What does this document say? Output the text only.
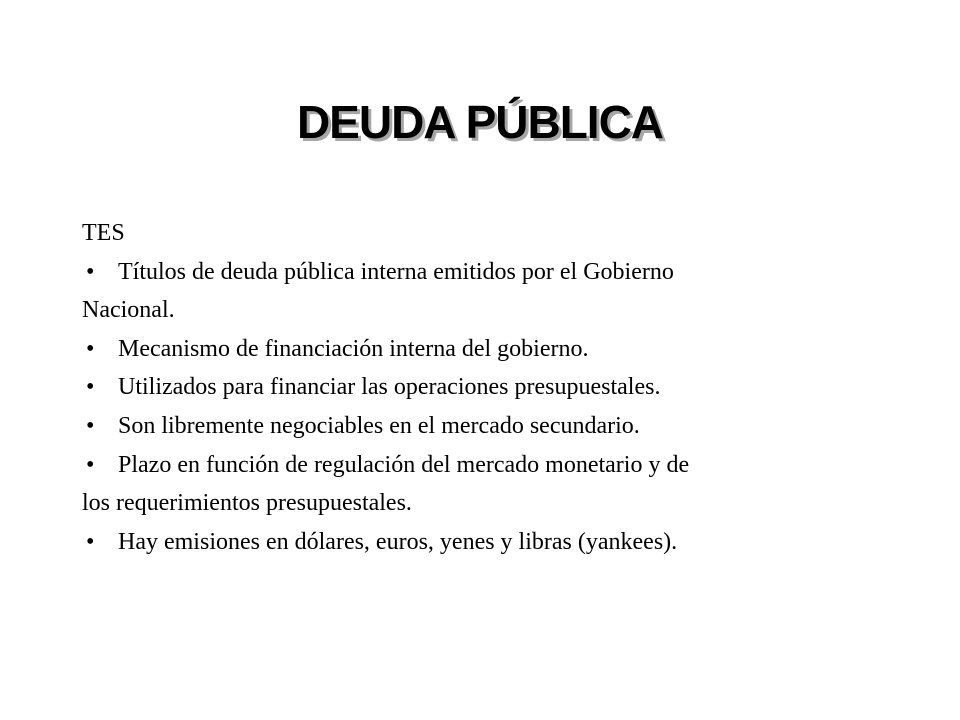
DEUDA PÚBLICA
TES
• Títulos de deuda pública interna emitidos por el Gobierno
Nacional.
• Mecanismo de financiación interna del gobierno.
• Utilizados para financiar las operaciones presupuestales.
• Son libremente negociables en el mercado secundario.
• Plazo en función de regulación del mercado monetario y de
los requerimientos presupuestales.
• Hay emisiones en dólares, euros, yenes y libras (yankees).
